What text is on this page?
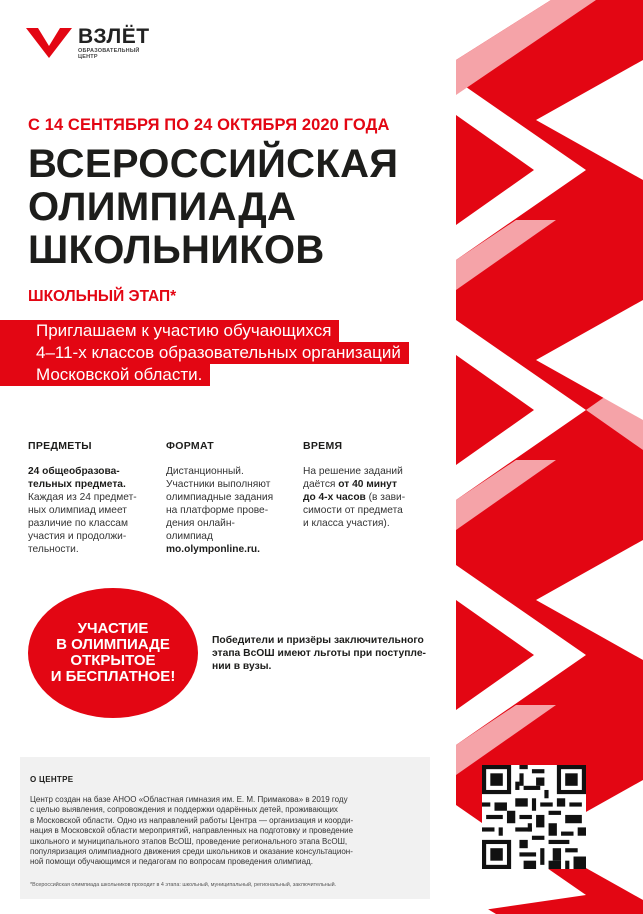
ВЗЛЁТ
ОБРАЗОВАТЕЛЬНЫЙ
ЦЕНТР
С 14 СЕНТЯБРЯ ПО 24 ОКТЯБРЯ 2020 ГОДА
ВСЕРОССИЙСКАЯ
ОЛИМПИАДА
ШКОЛЬНИКОВ
ШКОЛЬНЫЙ ЭТАП*
Приглашаем к участию обучающихся
4–11-х классов образовательных организаций
Московской области.
ПРЕДМЕТЫ
24 общеобразова-
тельных предмета.
Каждая из 24 предмет-
ных олимпиад имеет
различие по классам
участия и продолжи-
тельности.
ФОРМАТ
Дистанционный.
Участники выполняют
олимпиадные задания
на платформе прове-
дения онлайн-
олимпиад
mo.olymponline.ru.
ВРЕМЯ
На решение заданий
даётся от 40 минут
до 4-х часов (в зави-
симости от предмета
и класса участия).
УЧАСТИЕ
В ОЛИМПИАДЕ
ОТКРЫТОЕ
И БЕСПЛАТНОЕ!
Победители и призёры заключительного
этапа ВсОШ имеют льготы при поступле-
нии в вузы.
О ЦЕНТРЕ
Центр создан на базе АНОО «Областная гимназия им. Е. М. Примакова» в 2019 году
с целью выявления, сопровождения и поддержки одарённых детей, проживающих
в Московской области. Одно из направлений работы Центра — организация и коорди-
нация в Московской области мероприятий, направленных на подготовку и проведение
школьного и муниципального этапов ВсОШ, проведение регионального этапа ВсОШ,
популяризация олимпиадного движения среди школьников и оказание консультацион-
ной помощи обучающимся и педагогам по вопросам проведения олимпиад.
*Всероссийская олимпиада школьников проходит в 4 этапа: школьный, муниципальный, региональный, заключительный.
